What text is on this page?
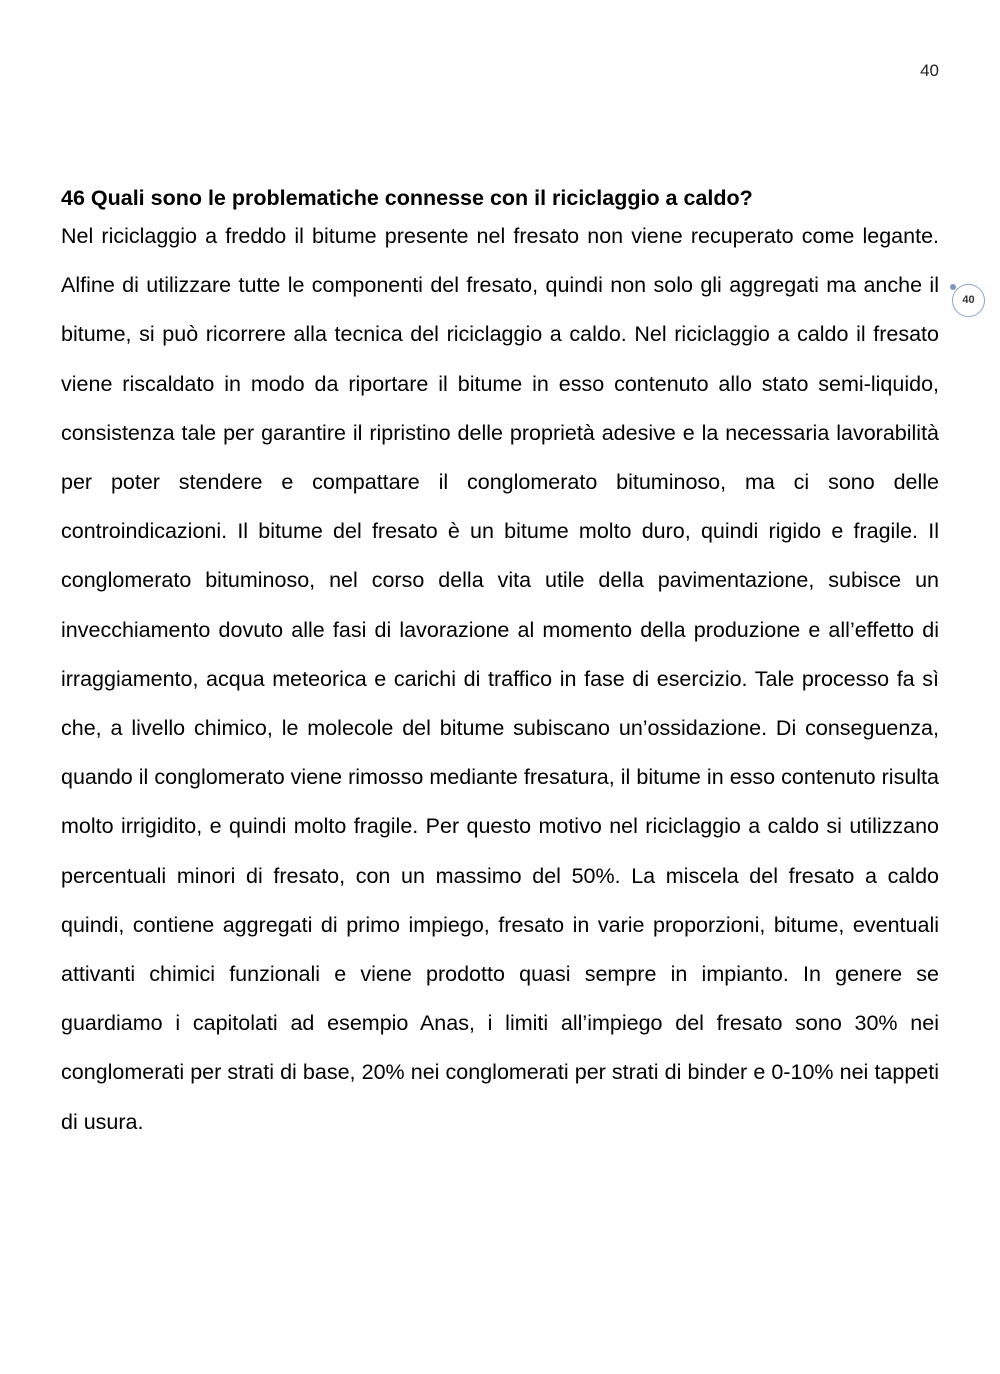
40
40
46 Quali sono le problematiche connesse con il riciclaggio a caldo?

Nel riciclaggio a freddo il bitume presente nel fresato non viene recuperato come legante. Alfine di utilizzare tutte le componenti del fresato, quindi non solo gli aggregati ma anche il bitume, si può ricorrere alla tecnica del riciclaggio a caldo. Nel riciclaggio a caldo il fresato viene riscaldato in modo da riportare il bitume in esso contenuto allo stato semi-liquido, consistenza tale per garantire il ripristino delle proprietà adesive e la necessaria lavorabilità per poter stendere e compattare il conglomerato bituminoso, ma ci sono delle controindicazioni. Il bitume del fresato è un bitume molto duro, quindi rigido e fragile. Il conglomerato bituminoso, nel corso della vita utile della pavimentazione, subisce un invecchiamento dovuto alle fasi di lavorazione al momento della produzione e all’effetto di irraggiamento, acqua meteorica e carichi di traffico in fase di esercizio. Tale processo fa sì che, a livello chimico, le molecole del bitume subiscano un’ossidazione. Di conseguenza, quando il conglomerato viene rimosso mediante fresatura, il bitume in esso contenuto risulta molto irrigidito, e quindi molto fragile. Per questo motivo nel riciclaggio a caldo si utilizzano percentuali minori di fresato, con un massimo del 50%. La miscela del fresato a caldo quindi, contiene aggregati di primo impiego, fresato in varie proporzioni, bitume, eventuali attivanti chimici funzionali e viene prodotto quasi sempre in impianto. In genere se guardiamo i capitolati ad esempio Anas, i limiti all’impiego del fresato sono 30% nei conglomerati per strati di base, 20% nei conglomerati per strati di binder e 0-10% nei tappeti di usura.
